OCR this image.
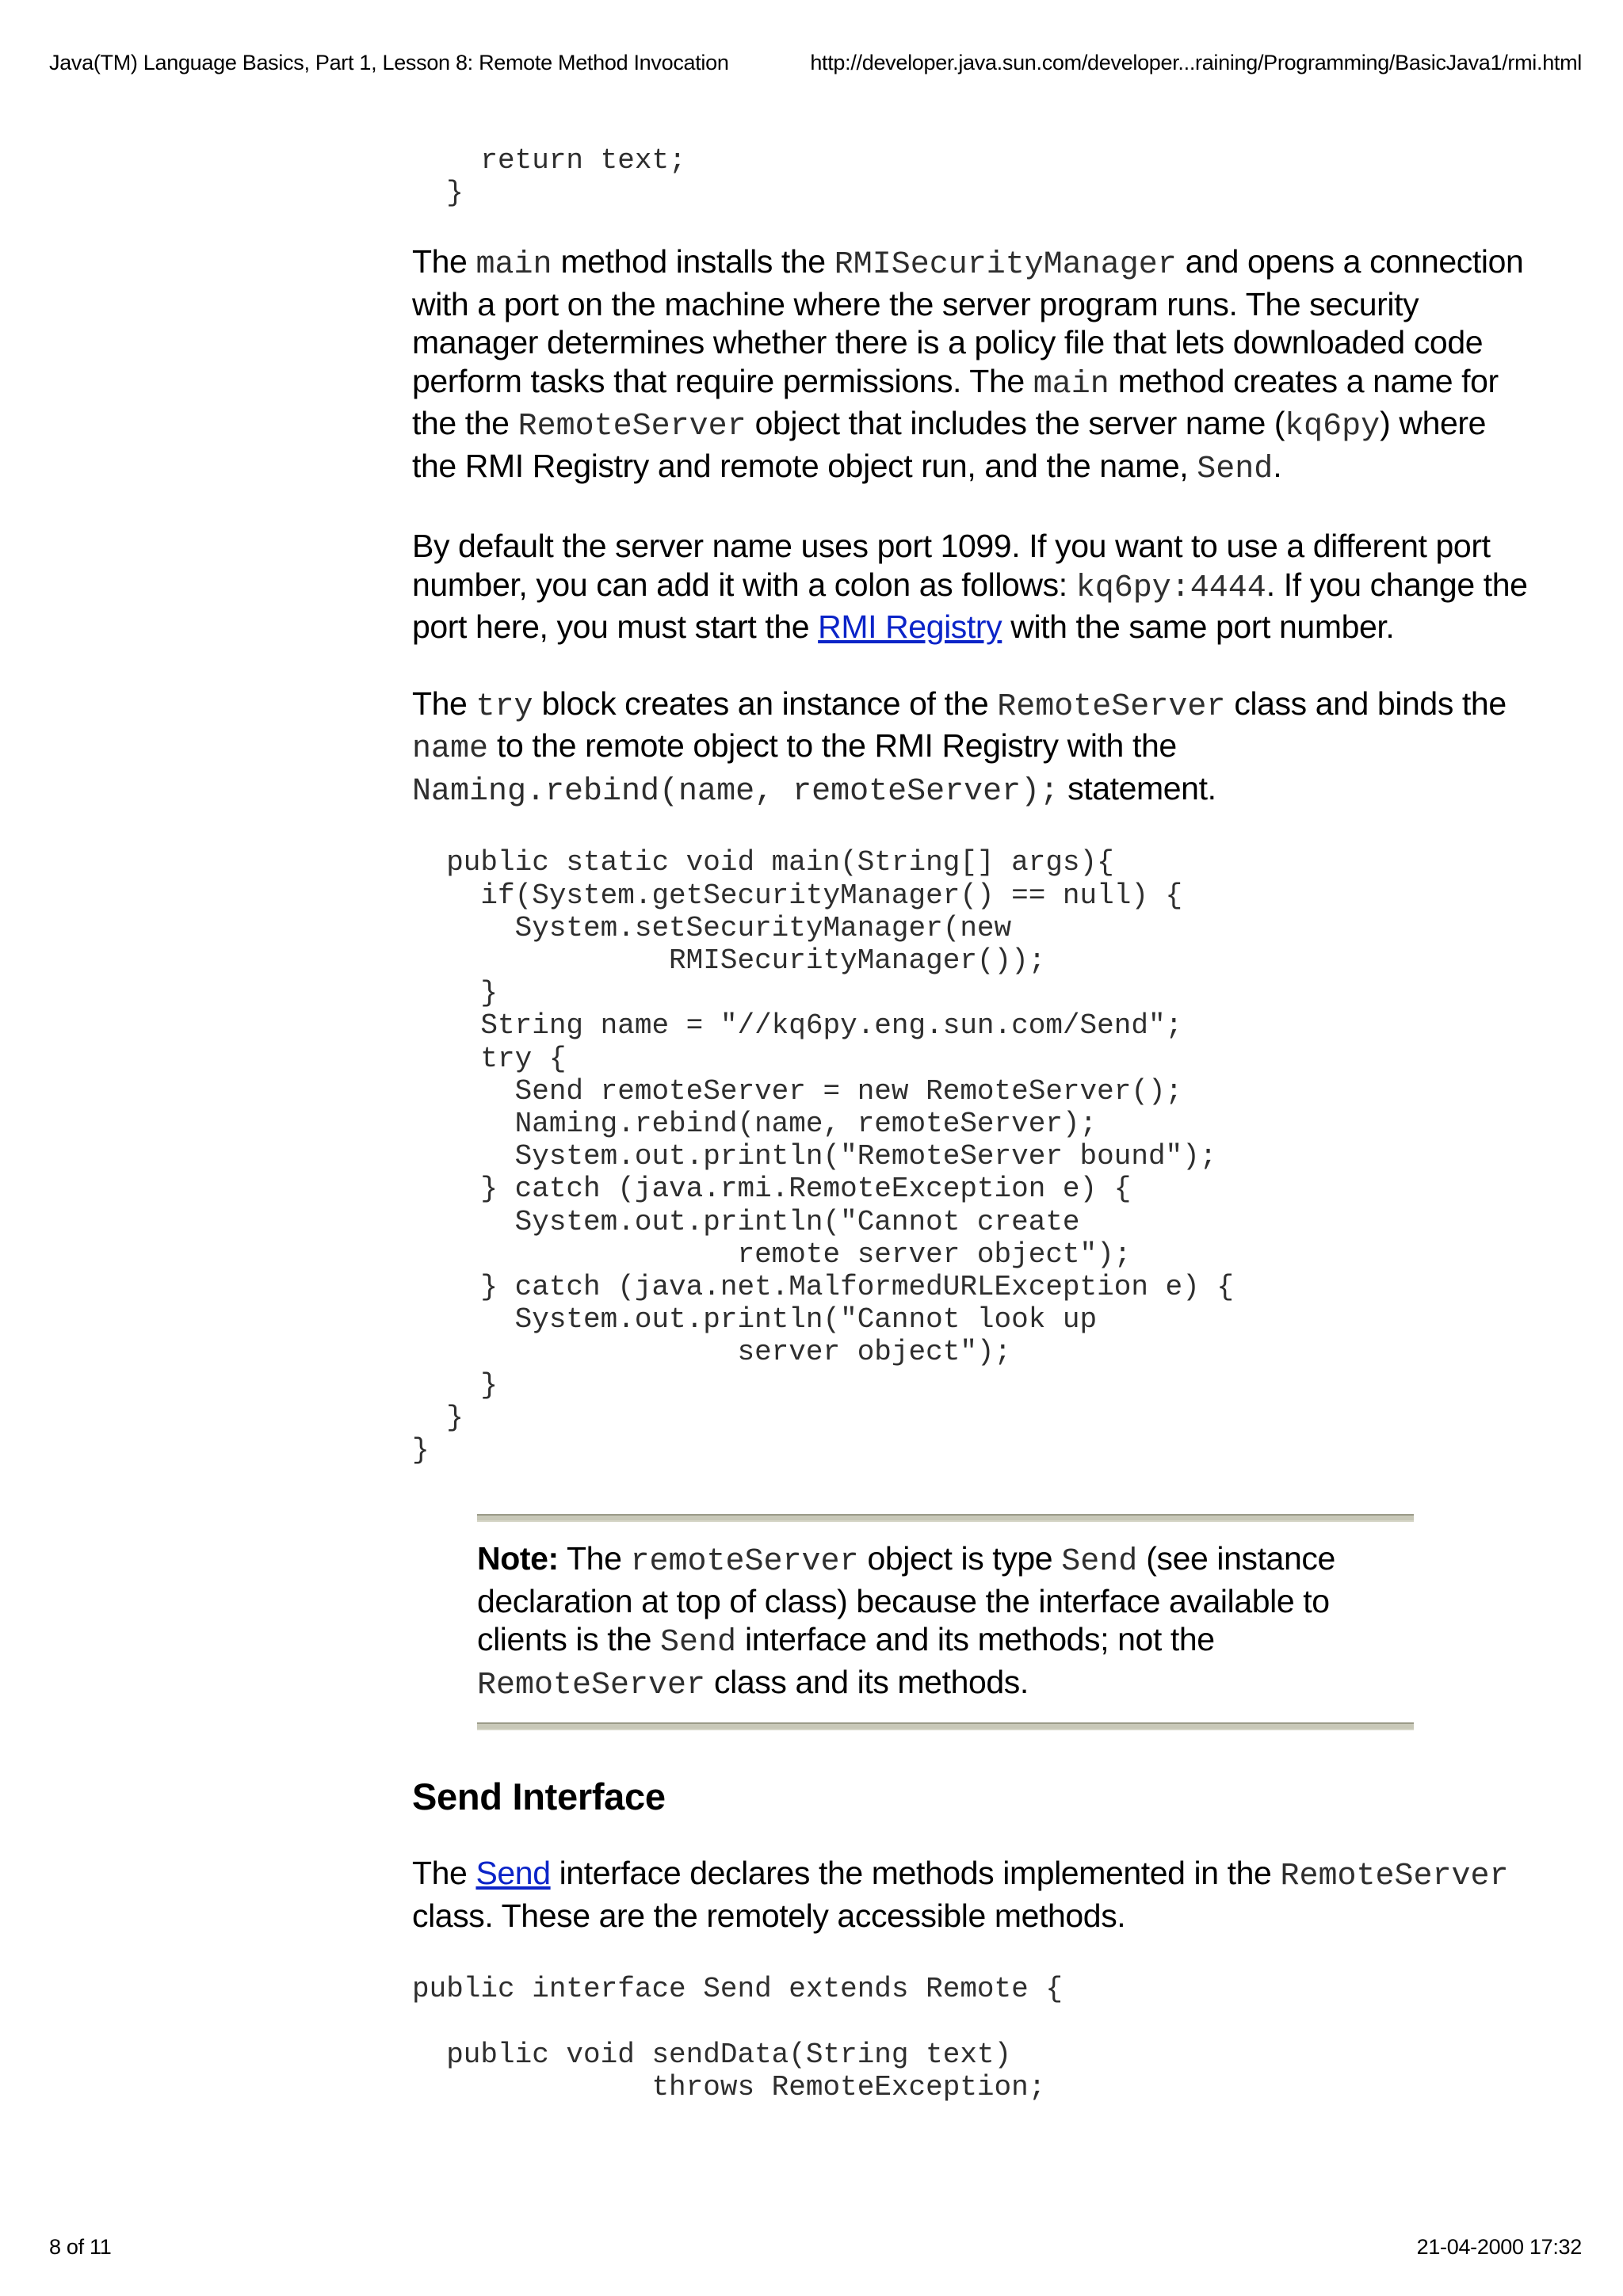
Java(TM) Language Basics, Part 1, Lesson 8: Remote Method Invocation	http://developer.java.sun.com/developer...raining/Programming/BasicJava1/rmi.html
return text;
}

The main method installs the RMISecurityManager and opens a connection with a port on the machine where the server program runs. The security manager determines whether there is a policy file that lets downloaded code perform tasks that require permissions. The main method creates a name for the the RemoteServer object that includes the server name (kq6py) where the RMI Registry and remote object run, and the name, Send.

By default the server name uses port 1099. If you want to use a different port number, you can add it with a colon as follows: kq6py:4444. If you change the port here, you must start the RMI Registry with the same port number.

The try block creates an instance of the RemoteServer class and binds the name to the remote object to the RMI Registry with the Naming.rebind(name, remoteServer); statement.

public static void main(String[] args){
if(System.getSecurityManager() == null) {
System.setSecurityManager(new
RMISecurityManager());
}
String name = "//kq6py.eng.sun.com/Send";
try {
Send remoteServer = new RemoteServer();
Naming.rebind(name, remoteServer);
System.out.println("RemoteServer bound");
} catch (java.rmi.RemoteException e) {
System.out.println("Cannot create
remote server object");
} catch (java.net.MalformedURLException e) {
System.out.println("Cannot look up
server object");
}
}
}

Note: The remoteServer object is type Send (see instance declaration at top of class) because the interface available to clients is the Send interface and its methods; not the RemoteServer class and its methods.

Send Interface

The Send interface declares the methods implemented in the RemoteServer class. These are the remotely accessible methods.

public interface Send extends Remote {

public void sendData(String text)
throws RemoteException;
8 of 11	21-04-2000 17:32
